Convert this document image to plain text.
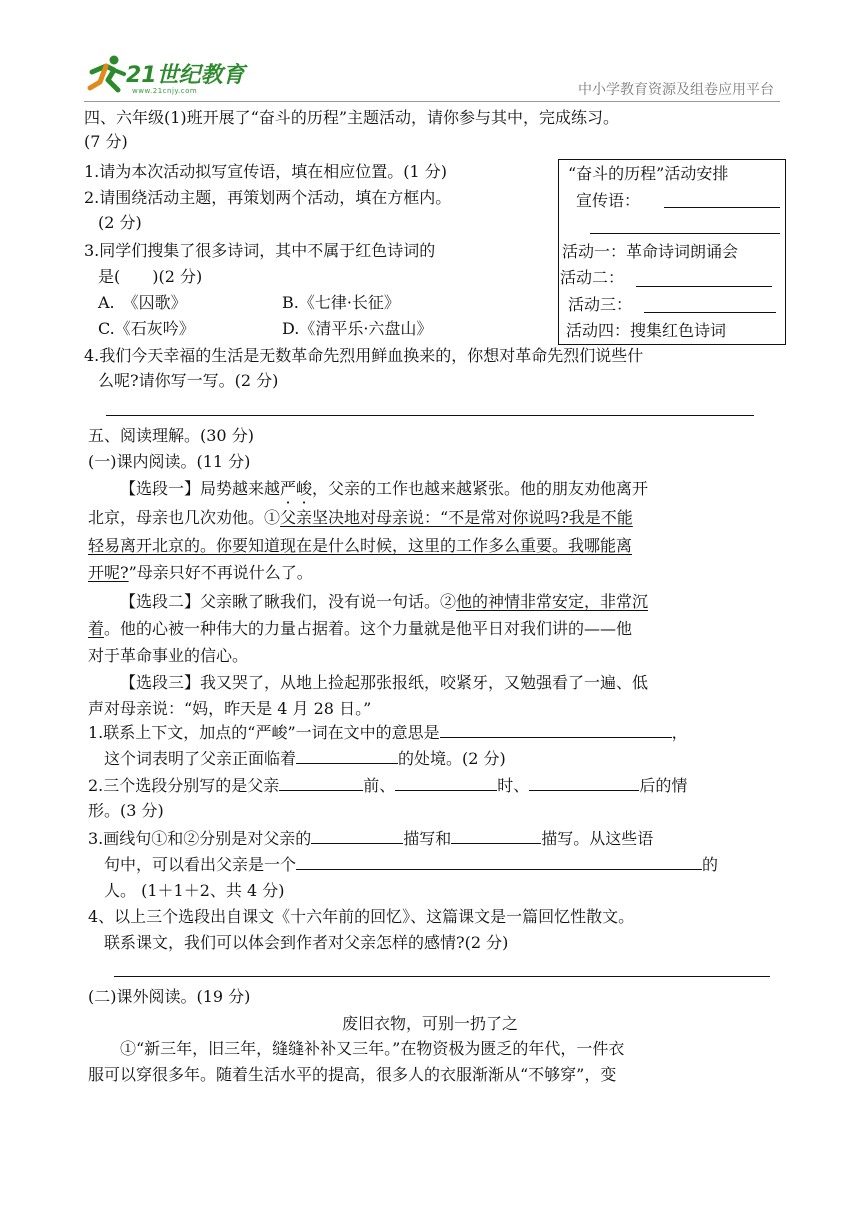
21世纪教育
www.21cnjy.com	中小学教育资源及组卷应用平台
四、六年级(1)班开展了“奋斗的历程”主题活动，请你参与其中，完成练习。
(7 分)
1.请为本次活动拟写宣传语，填在相应位置。(1 分)
2.请围绕活动主题，再策划两个活动，填在方框内。
(2 分)
3.同学们搜集了很多诗词，其中不属于红色诗词的
是(　　)(2 分)
A.　《囚歌》	B.《七律·长征》
C.《石灰吟》	D.《清平乐·六盘山》
4.我们今天幸福的生活是无数革命先烈用鲜血换来的，你想对革命先烈们说些什
么呢?请你写一写。(2 分)
“奋斗的历程”活动安排
宣传语：
活动一：革命诗词朗诵会
活动二：
活动三：
活动四：搜集红色诗词
五、阅读理解。(30 分)
(一)课内阅读。(11 分)
【选段一】局势越来越严峻，父亲的工作也越来越紧张。他的朋友劝他离开
北京，母亲也几次劝他。①父亲坚决地对母亲说：“不是常对你说吗?我是不能
轻易离开北京的。你要知道现在是什么时候，这里的工作多么重要。我哪能离
开呢?”母亲只好不再说什么了。
【选段二】父亲瞅了瞅我们，没有说一句话。②他的神情非常安定，非常沉
着。他的心被一种伟大的力量占据着。这个力量就是他平日对我们讲的——他
对于革命事业的信心。
【选段三】我又哭了，从地上捡起那张报纸，咬紧牙，又勉强看了一遍、低
声对母亲说：“妈，昨天是 4 月 28 日。”
1.联系上下文，加点的“严峻”一词在文中的意思是	，
这个词表明了父亲正面临着	的处境。(2 分)
2.三个选段分别写的是父亲	前、	时、	后的情
形。(3 分)
3.画线句①和②分别是对父亲的	描写和	描写。从这些语
句中，可以看出父亲是一个	的
人。 (1＋1＋2、共 4 分)
4、以上三个选段出自课文《十六年前的回忆》、这篇课文是一篇回忆性散文。
联系课文，我们可以体会到作者对父亲怎样的感情?(2 分)
(二)课外阅读。(19 分)
废旧衣物，可别一扔了之
①“新三年，旧三年，缝缝补补又三年。”在物资极为匮乏的年代，一件衣
服可以穿很多年。随着生活水平的提高，很多人的衣服渐渐从“不够穿”，变
